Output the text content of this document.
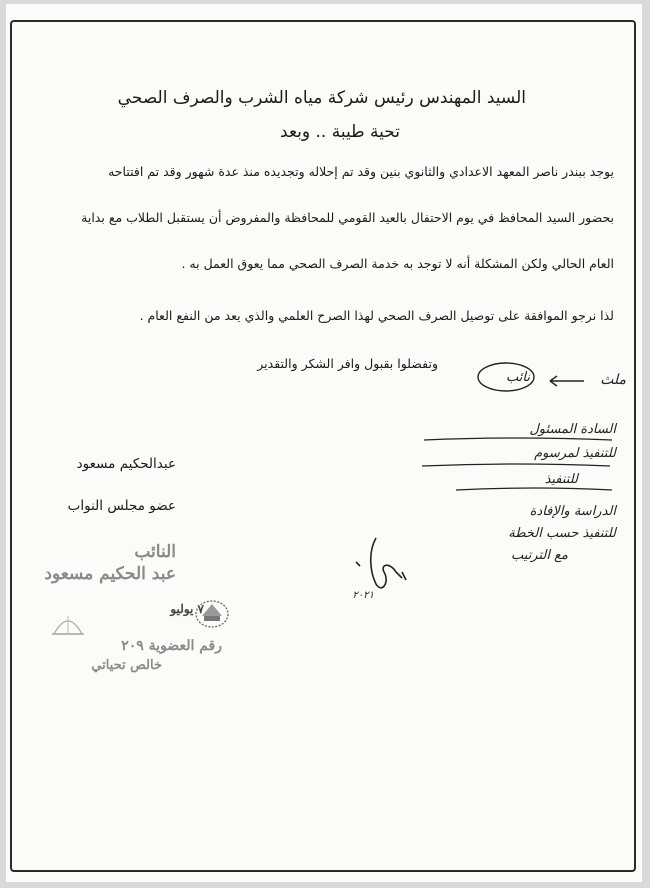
السيد المهندس رئيس شركة مياه الشرب والصرف الصحي
تحية طيبة .. وبعد
يوجد ببندر ناصر المعهد الاعدادي والثانوي بنين وقد تم إحلاله وتجديده منذ عدة شهور وقد تم افتتاحه
بحضور السيد المحافظ في يوم الاحتفال بالعيد القومي للمحافظة والمفروض أن يستقبل الطلاب مع بداية
العام الحالي ولكن المشكلة أنه لا توجد به خدمة الصرف الصحي مما يعوق العمل به .
لذا نرجو الموافقة على توصيل الصرف الصحي لهذا الصرح العلمي والذي يعد من النفع العام .
وتفضلوا بقبول وافر الشكر والتقدير
عبدالحكيم مسعود
عضو مجلس النواب
النائب
عبد الحكيم مسعود
٧ يوليو
رقم العضوية ٢٠٩
خالص تحياتي
ملث
نائب
السادة المسئول
للتنفيذ لمرسوم
للتنفيذ
الدراسة والإفادة
للتنفيذ حسب الخطة
مع الترتيب
٢٠٢١
